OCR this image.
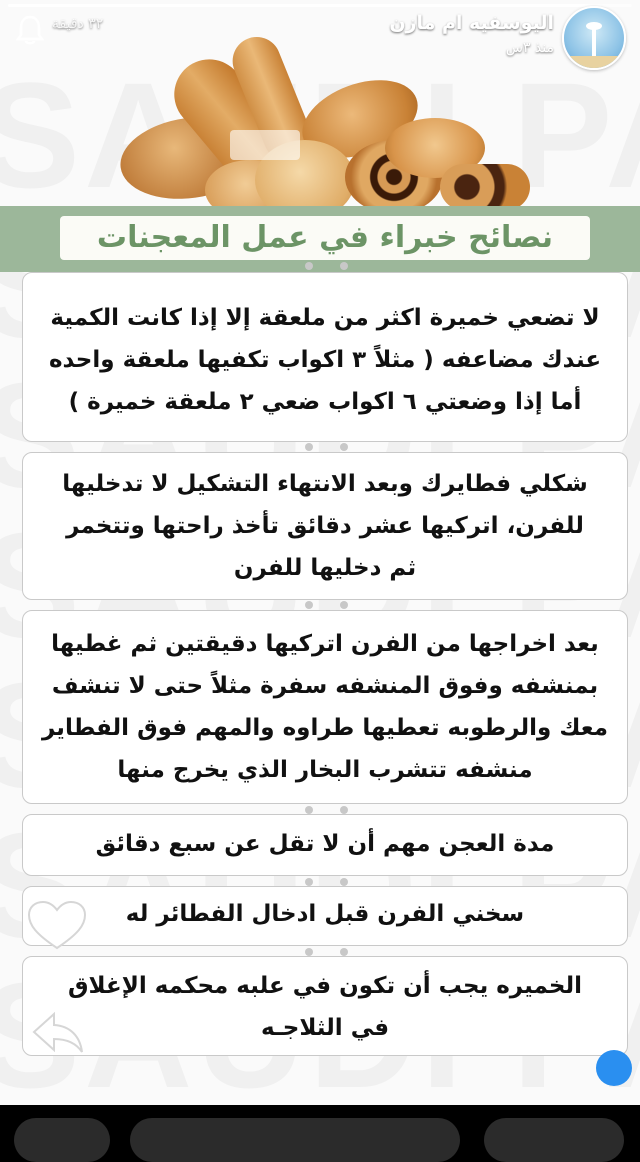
نصائح خبراء في عمل المعجنات
لا تضعي خميرة اكثر من ملعقة إلا إذا كانت الكمية
عندك مضاعفه ( مثلاً ٣ اكواب تكفيها ملعقة واحده
أما إذا وضعتي ٦ اكواب ضعي ٢ ملعقة خميرة )
شكلي فطايرك وبعد الانتهاء التشكيل لا تدخليها
للفرن، اتركيها عشر دقائق تأخذ راحتها وتتخمر
ثم دخليها للفرن
بعد اخراجها من الفرن اتركيها دقيقتين ثم غطيها
بمنشفه وفوق المنشفه سفرة مثلاً حتى لا تنشف
معك والرطوبه تعطيها طراوه والمهم فوق الفطاير
منشفه تتشرب البخار الذي يخرج منها
مدة العجن مهم أن لا تقل عن سبع دقائق
سخني الفرن قبل ادخال الفطائر له
الخميره يجب أن تكون في علبه محكمه الإغلاق
في الثلاجـه
اليوسفيه ام مازن
منذ ٣س
٣٢ دقيقة
